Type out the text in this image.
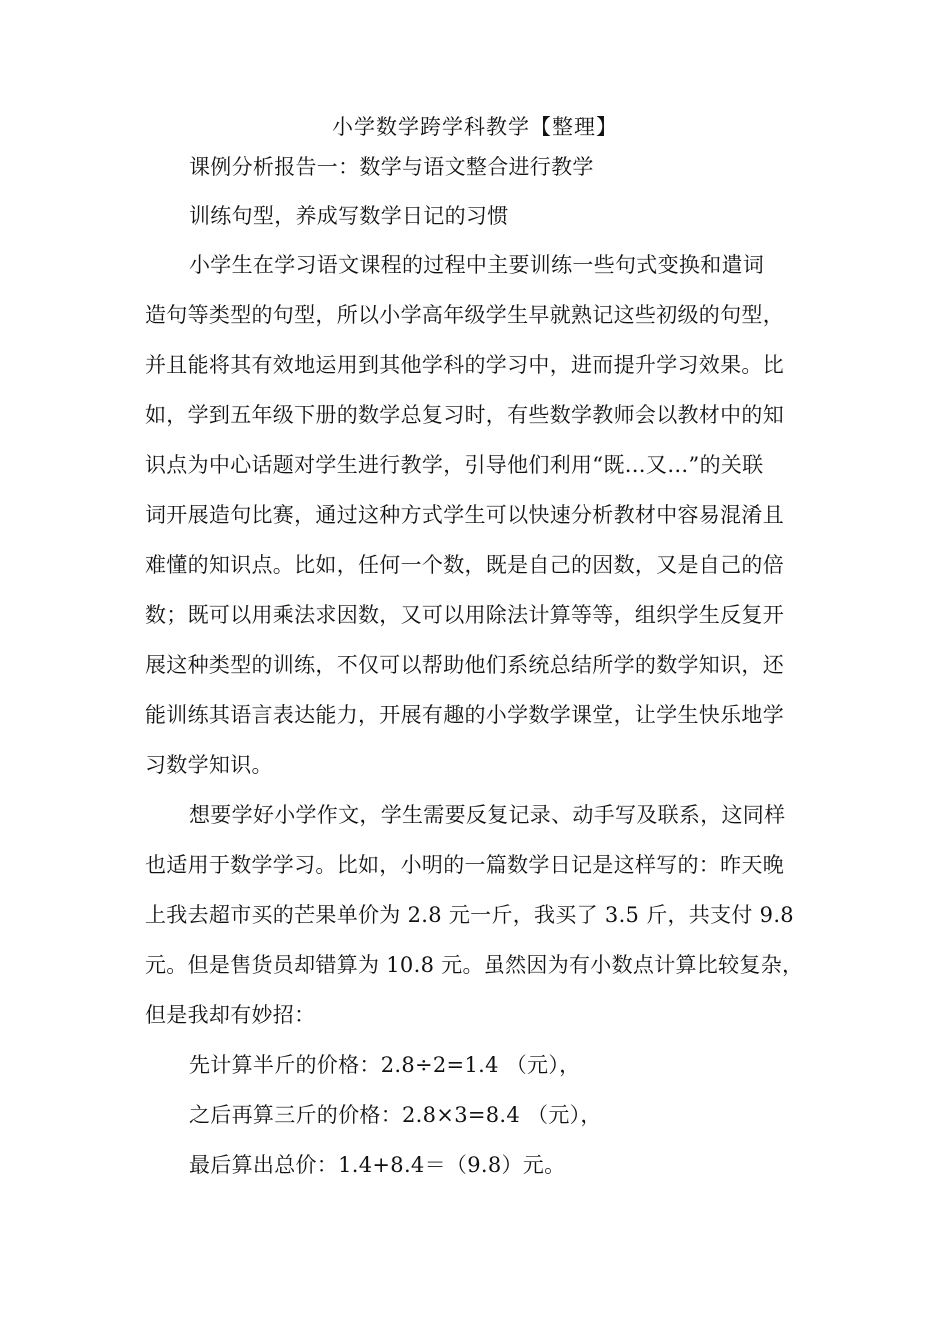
小学数学跨学科教学【整理】
课例分析报告一：数学与语文整合进行教学
训练句型，养成写数学日记的习惯
小学生在学习语文课程的过程中主要训练一些句式变换和遣词
造句等类型的句型，所以小学高年级学生早就熟记这些初级的句型，
并且能将其有效地运用到其他学科的学习中，进而提升学习效果。比
如，学到五年级下册的数学总复习时，有些数学教师会以教材中的知
识点为中心话题对学生进行教学，引导他们利用“既…又…”的关联
词开展造句比赛，通过这种方式学生可以快速分析教材中容易混淆且
难懂的知识点。比如，任何一个数，既是自己的因数，又是自己的倍
数；既可以用乘法求因数，又可以用除法计算等等，组织学生反复开
展这种类型的训练，不仅可以帮助他们系统总结所学的数学知识，还
能训练其语言表达能力，开展有趣的小学数学课堂，让学生快乐地学
习数学知识。
想要学好小学作文，学生需要反复记录、动手写及联系，这同样
也适用于数学学习。比如，小明的一篇数学日记是这样写的：昨天晚
上我去超市买的芒果单价为 2.8 元一斤，我买了 3.5 斤，共支付 9.8
元。但是售货员却错算为 10.8 元。虽然因为有小数点计算比较复杂，
但是我却有妙招：
先计算半斤的价格：2.8÷2=1.4 （元），
之后再算三斤的价格：2.8×3=8.4 （元），
最后算出总价：1.4+8.4＝（9.8）元。
